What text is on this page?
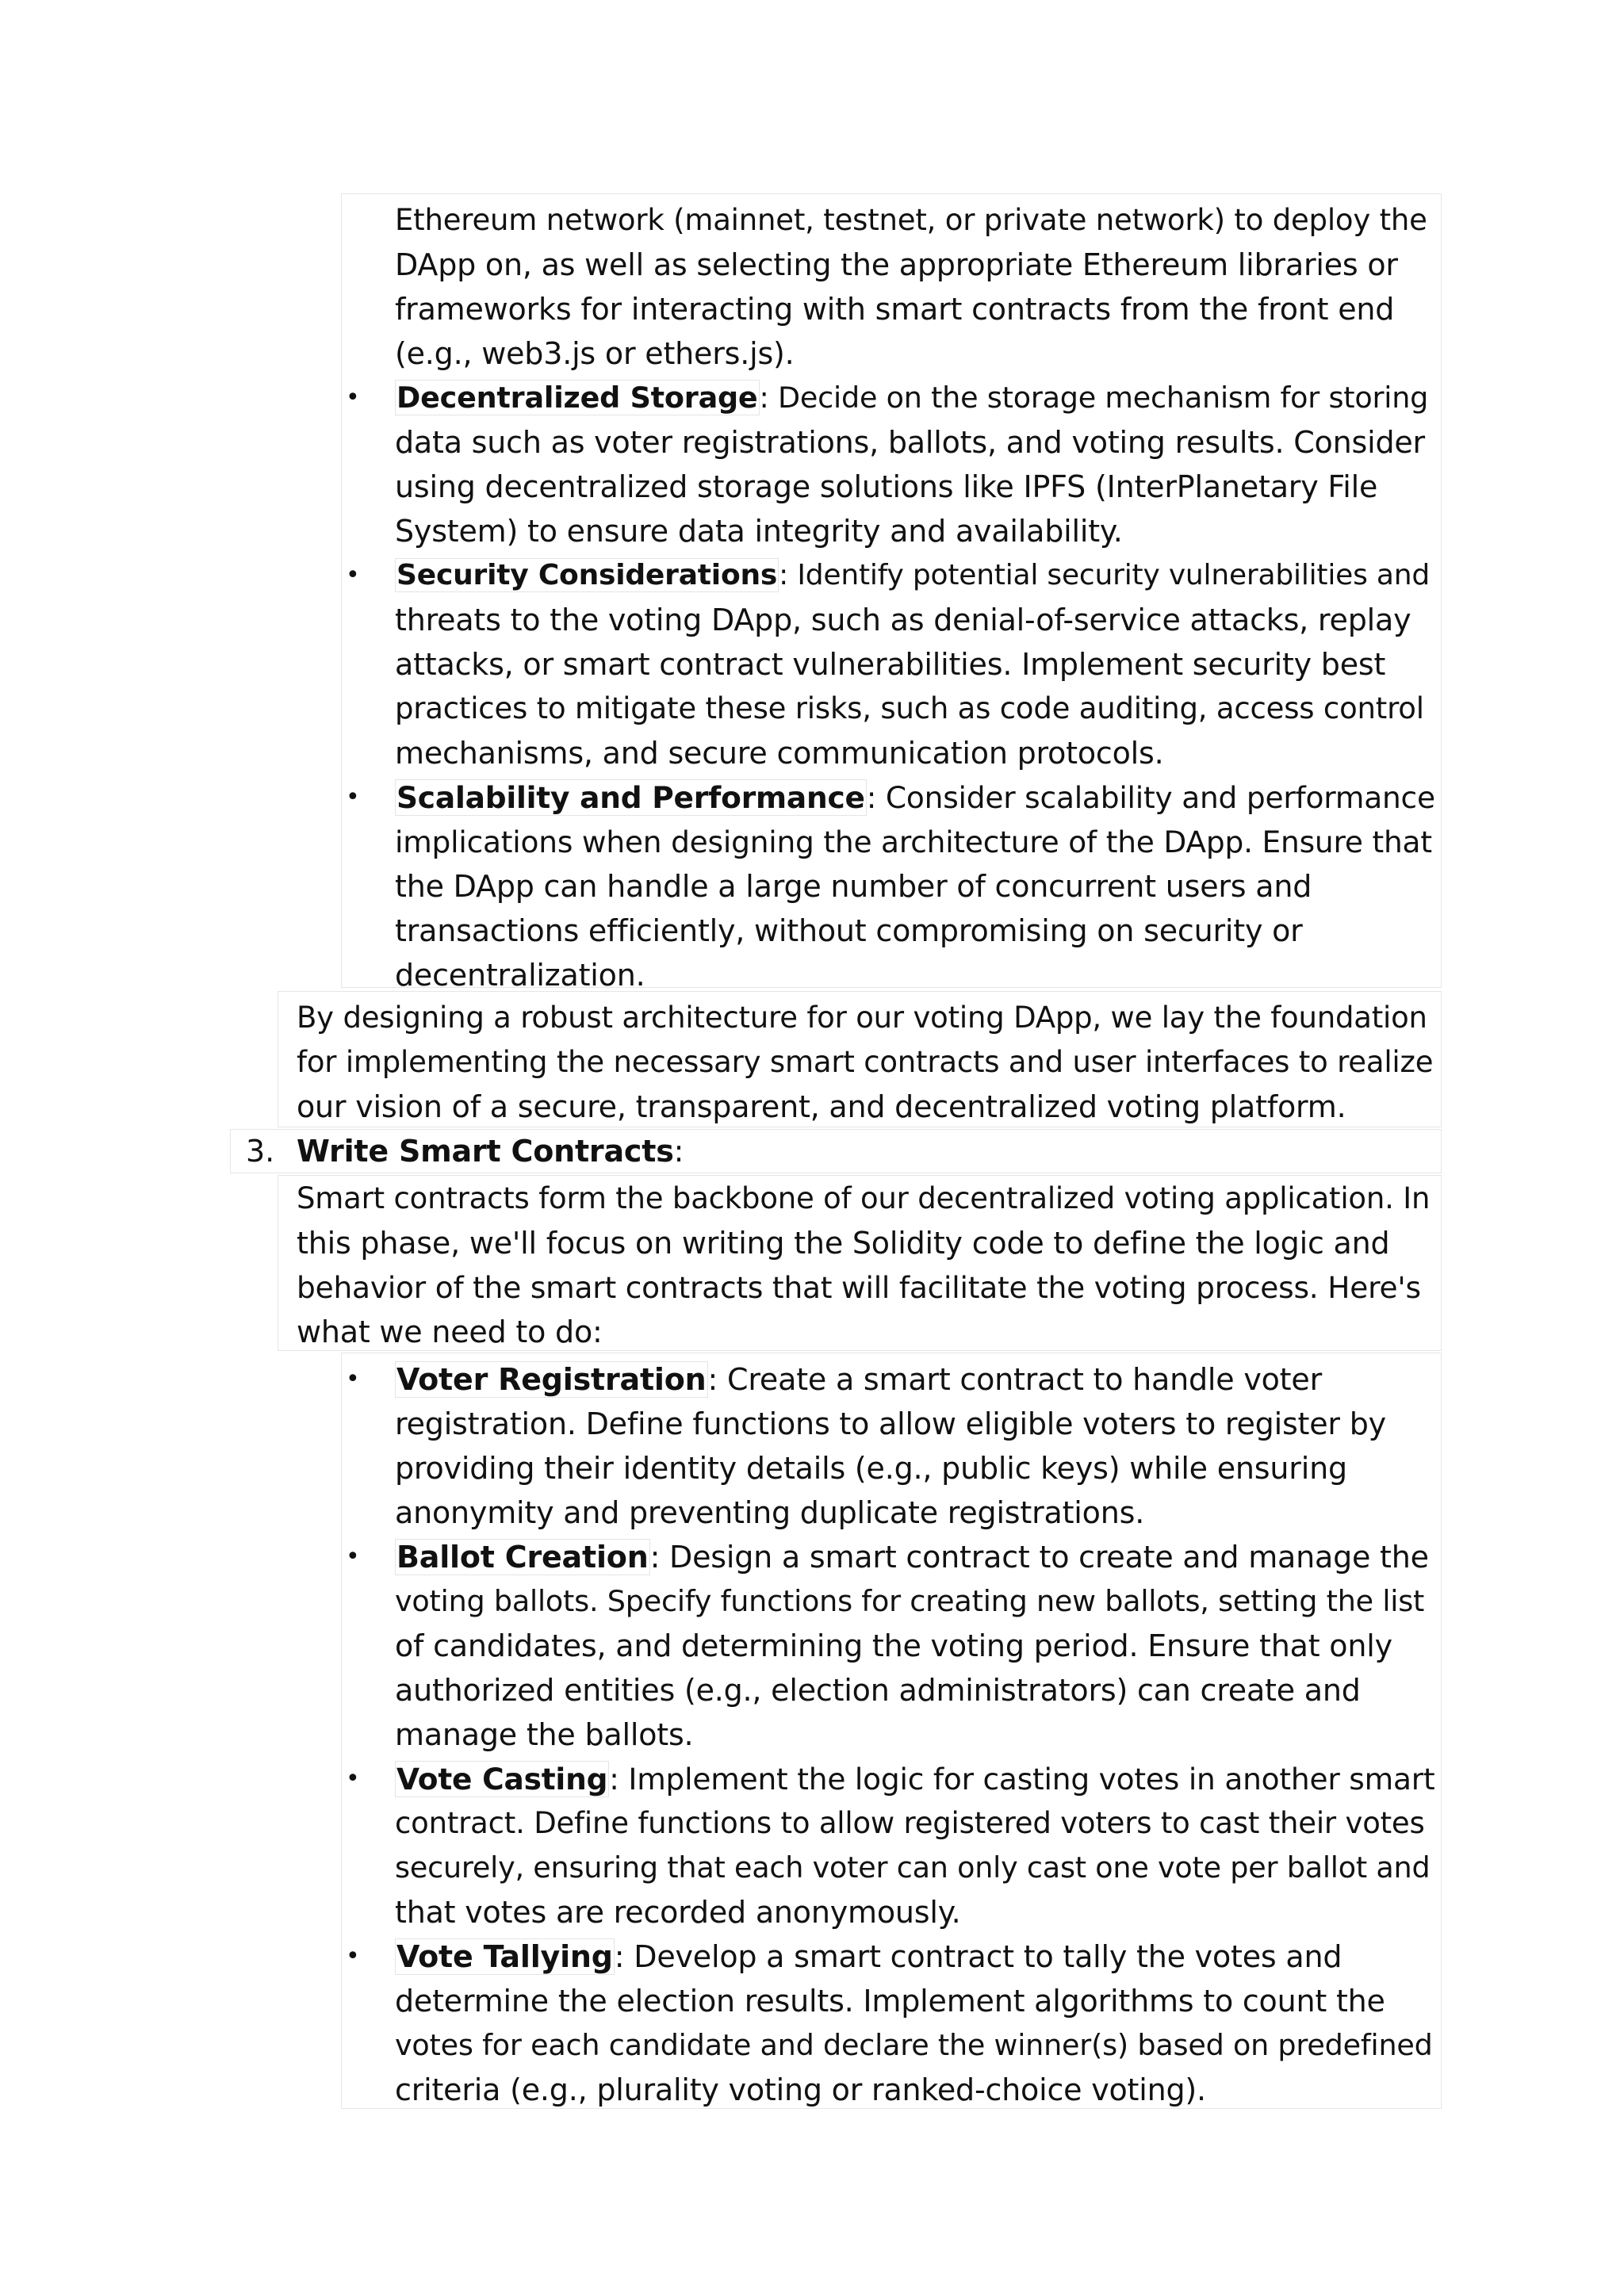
Ethereum network (mainnet, testnet, or private network) to deploy the
DApp on, as well as selecting the appropriate Ethereum libraries or
frameworks for interacting with smart contracts from the front end
(e.g., web3.js or ethers.js).
• Decentralized Storage: Decide on the storage mechanism for storing
data such as voter registrations, ballots, and voting results. Consider
using decentralized storage solutions like IPFS (InterPlanetary File
System) to ensure data integrity and availability.
• Security Considerations: Identify potential security vulnerabilities and
threats to the voting DApp, such as denial-of-service attacks, replay
attacks, or smart contract vulnerabilities. Implement security best
practices to mitigate these risks, such as code auditing, access control
mechanisms, and secure communication protocols.
• Scalability and Performance: Consider scalability and performance
implications when designing the architecture of the DApp. Ensure that
the DApp can handle a large number of concurrent users and
transactions efficiently, without compromising on security or
decentralization.
By designing a robust architecture for our voting DApp, we lay the foundation
for implementing the necessary smart contracts and user interfaces to realize
our vision of a secure, transparent, and decentralized voting platform.
3. Write Smart Contracts:
Smart contracts form the backbone of our decentralized voting application. In
this phase, we'll focus on writing the Solidity code to define the logic and
behavior of the smart contracts that will facilitate the voting process. Here's
what we need to do:
• Voter Registration: Create a smart contract to handle voter
registration. Define functions to allow eligible voters to register by
providing their identity details (e.g., public keys) while ensuring
anonymity and preventing duplicate registrations.
• Ballot Creation: Design a smart contract to create and manage the
voting ballots. Specify functions for creating new ballots, setting the list
of candidates, and determining the voting period. Ensure that only
authorized entities (e.g., election administrators) can create and
manage the ballots.
• Vote Casting: Implement the logic for casting votes in another smart
contract. Define functions to allow registered voters to cast their votes
securely, ensuring that each voter can only cast one vote per ballot and
that votes are recorded anonymously.
• Vote Tallying: Develop a smart contract to tally the votes and
determine the election results. Implement algorithms to count the
votes for each candidate and declare the winner(s) based on predefined
criteria (e.g., plurality voting or ranked-choice voting).
